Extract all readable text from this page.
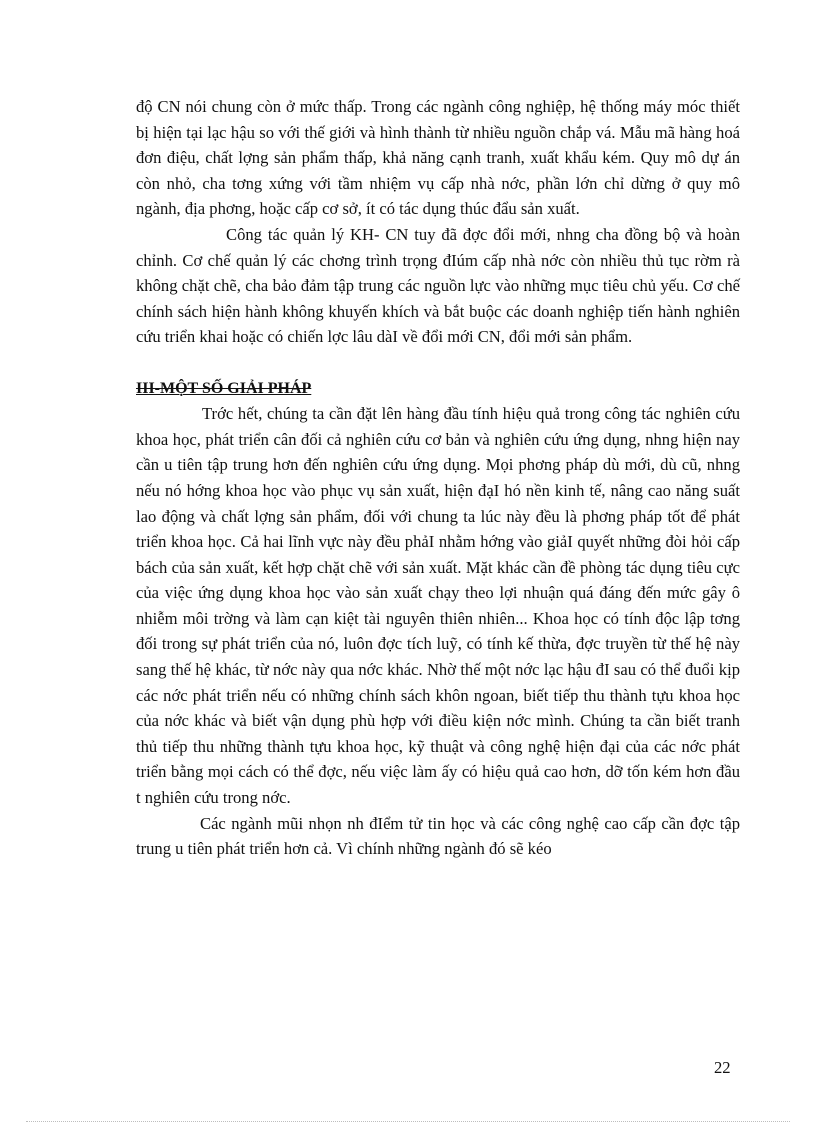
độ CN nói chung còn ở mức thấp. Trong các ngành công nghiệp, hệ thống máy móc thiết bị hiện tại lạc hậu so với thế giới và hình thành từ nhiều nguồn chắp vá. Mẫu mã hàng hoá đơn điệu, chất lợng sản phẩm thấp, khả năng cạnh tranh, xuất khẩu kém. Quy mô dự án còn nhỏ, cha tơng xứng với tầm nhiệm vụ cấp nhà nớc, phần lớn chỉ dừng ở quy mô ngành, địa phơng, hoặc cấp cơ sở, ít có tác dụng thúc đẩu sản xuất.

Công tác quản lý KH- CN tuy đã đợc đổi mới, nhng cha đồng bộ và hoàn chỉnh. Cơ chế quản lý các chơng trình trọng đIúm cấp nhà nớc còn nhiều thủ tục rờm rà không chặt chẽ, cha bảo đảm tập trung các nguồn lực vào những mục tiêu chủ yếu. Cơ chế chính sách hiện hành không khuyến khích và bắt buộc các doanh nghiệp tiến hành nghiên cứu triển khai hoặc có chiến lợc lâu dàI về đổi mới CN, đổi mới sản phẩm.

III-MỘT SỐ GIẢI PHÁP

Trớc hết, chúng ta cần đặt lên hàng đầu tính hiệu quả trong công tác nghiên cứu khoa học, phát triển cân đối cả nghiên cứu cơ bản và nghiên cứu ứng dụng, nhng hiện nay cần u tiên tập trung hơn đến nghiên cứu ứng dụng. Mọi phơng pháp dù mới, dù cũ, nhng nếu nó hớng khoa học vào phục vụ sản xuất, hiện đạI hó nền kinh tế, nâng cao năng suất lao động và chất lợng sản phẩm, đối với chung ta lúc này đều là phơng pháp tốt để phát triển khoa học. Cả hai lĩnh vực này đều phảI nhằm hớng vào giảI quyết những đòi hỏi cấp bách của sản xuất, kết hợp chặt chẽ với sản xuất. Mặt khác cần đề phòng tác dụng tiêu cực của việc ứng dụng khoa học vào sản xuất chạy theo lợi nhuận quá đáng đến mức gây ô nhiễm môi trờng và làm cạn kiệt tài nguyên thiên nhiên... Khoa học có tính độc lập tơng đối trong sự phát triển của nó, luôn đợc tích luỹ, có tính kế thừa, đợc truyền từ thế hệ này sang thế hệ khác, từ nớc này qua nớc khác. Nhờ thế một nớc lạc hậu đI sau có thể đuổi kịp các nớc phát triển nếu có những chính sách khôn ngoan, biết tiếp thu thành tựu khoa học của nớc khác và biết vận dụng phù hợp với điều kiện nớc mình. Chúng ta cần biết tranh thủ tiếp thu những thành tựu khoa học, kỹ thuật và công nghệ hiện đại của các nớc phát triển bằng mọi cách có thể đợc, nếu việc làm ấy có hiệu quả cao hơn, dỡ tốn kém hơn đầu t nghiên cứu trong nớc.

Các ngành mũi nhọn nh đIểm tử tin học và các công nghệ cao cấp cần đợc tập trung u tiên phát triển hơn cả. Vì chính những ngành đó sẽ kéo

22
